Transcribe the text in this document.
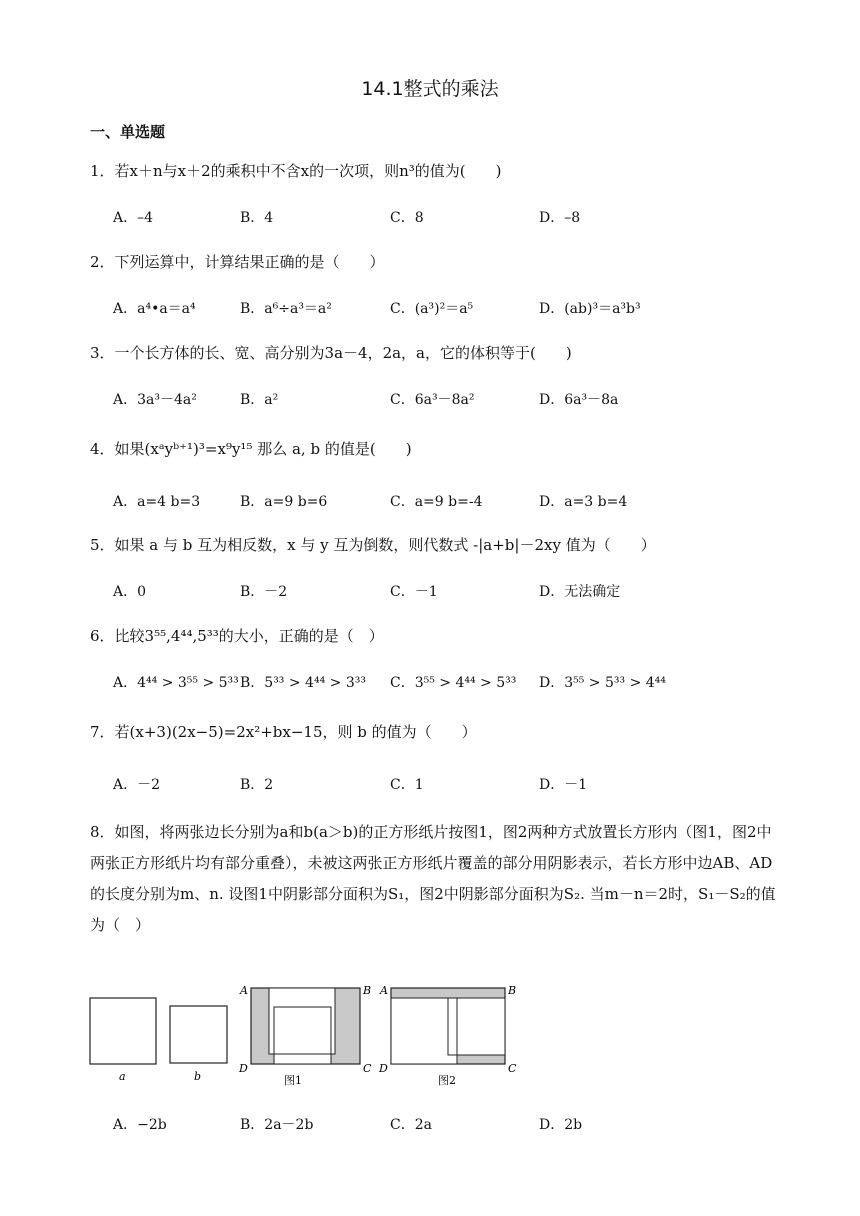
14.1整式的乘法
一、单选题
1．若x＋n与x＋2的乘积中不含x的一次项，则n³的值为(　　)
A．–4	B．4	C．8	D．–8
2．下列运算中，计算结果正确的是（　　）
A．a⁴•a＝a⁴	B．a⁶÷a³＝a²	C．(a³)²＝a⁵	D．(ab)³＝a³b³
3．一个长方体的长、宽、高分别为3a－4，2a，a，它的体积等于(　　)
A．3a³－4a²	B．a²	C．6a³－8a²	D．6a³－8a
4．如果(xᵃyᵇ⁺¹)³=x⁹y¹⁵ 那么 a, b 的值是(　　)
A．a=4 b=3	B．a=9 b=6	C．a=9 b=-4	D．a=3 b=4
5．如果 a 与 b 互为相反数，x 与 y 互为倒数，则代数式 -|a+b|－2xy 值为（　　）
A．0	B．－2	C．－1	D．无法确定
6．比较3⁵⁵,4⁴⁴,5³³的大小，正确的是（　）
A．4⁴⁴ > 3⁵⁵ > 5³³ B．5³³ > 4⁴⁴ > 3³³ C．3⁵⁵ > 4⁴⁴ > 5³³ D．3⁵⁵ > 5³³ > 4⁴⁴
7．若(x+3)(2x−5)=2x²+bx−15，则 b 的值为（　　）
A．－2	B．2	C．1	D．－1
8．如图，将两张边长分别为a和b(a＞b)的正方形纸片按图1，图2两种方式放置长方形内（图1，图2中两张正方形纸片均有部分重叠），未被这两张正方形纸片覆盖的部分用阴影表示，若长方形中边AB、AD的长度分别为m、n. 设图1中阴影部分面积为S₁，图2中阴影部分面积为S₂. 当m－n＝2时，S₁－S₂的值为（　）
a	b
A	B
C
D
图1
A	B
C
D
图2
A．−2b	B．2a－2b	C．2a	D．2b
